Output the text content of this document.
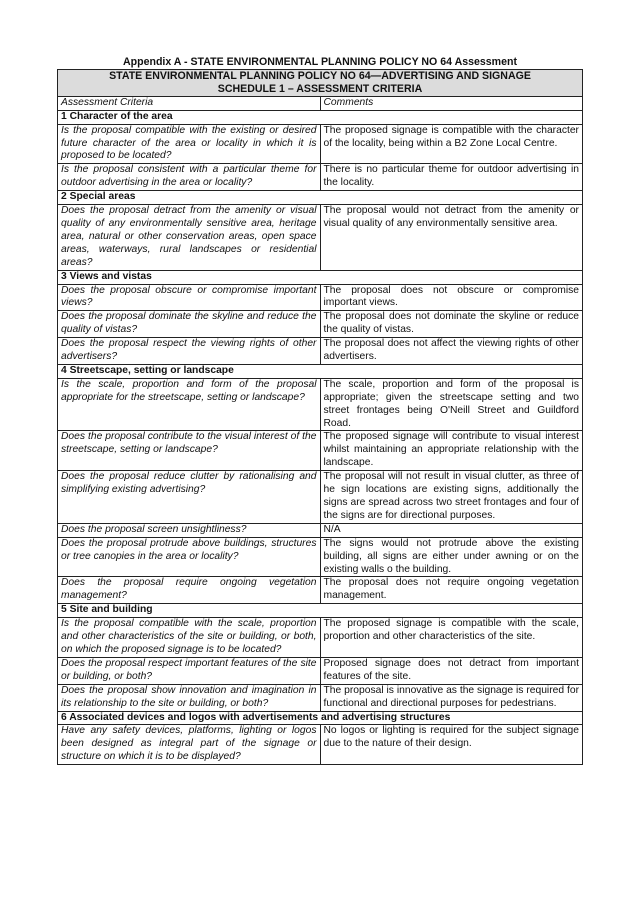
Appendix A - STATE ENVIRONMENTAL PLANNING POLICY NO 64 Assessment
STATE ENVIRONMENTAL PLANNING POLICY NO 64—ADVERTISING AND SIGNAGE
SCHEDULE 1 – ASSESSMENT CRITERIA	

Assessment Criteria	Comments
1 Character of the area	
Is the proposal compatible with the existing or desired future character of the area or locality in which it is proposed to be located?	The proposed signage is compatible with the character of the locality, being within a B2 Zone Local Centre.
Is the proposal consistent with a particular theme for outdoor advertising in the area or locality?	There is no particular theme for outdoor advertising in the locality.
2 Special areas	
Does the proposal detract from the amenity or visual quality of any environmentally sensitive area, heritage area, natural or other conservation areas, open space areas, waterways, rural landscapes or residential areas?	The proposal would not detract from the amenity or visual quality of any environmentally sensitive area.
3 Views and vistas	
Does the proposal obscure or compromise important views?	The proposal does not obscure or compromise important views.
Does the proposal dominate the skyline and reduce the quality of vistas?	The proposal does not dominate the skyline or reduce the quality of vistas.
Does the proposal respect the viewing rights of other advertisers?	The proposal does not affect the viewing rights of other advertisers.
4 Streetscape, setting or landscape	
Is the scale, proportion and form of the proposal appropriate for the streetscape, setting or landscape?	The scale, proportion and form of the proposal is appropriate; given the streetscape setting and two street frontages being O'Neill Street and Guildford Road.
Does the proposal contribute to the visual interest of the streetscape, setting or landscape?	The proposed signage will contribute to visual interest whilst maintaining an appropriate relationship with the landscape.
Does the proposal reduce clutter by rationalising and simplifying existing advertising?	The proposal will not result in visual clutter, as three of he sign locations are existing signs, additionally the signs are spread across two street frontages and four of the signs are for directional purposes.
Does the proposal screen unsightliness?	N/A
Does the proposal protrude above buildings, structures or tree canopies in the area or locality?	The signs would not protrude above the existing building, all signs are either under awning or on the existing walls o the building.
Does the proposal require ongoing vegetation management?	The proposal does not require ongoing vegetation management.
5 Site and building	
Is the proposal compatible with the scale, proportion and other characteristics of the site or building, or both, on which the proposed signage is to be located?	The proposed signage is compatible with the scale, proportion and other characteristics of the site.
Does the proposal respect important features of the site or building, or both?	Proposed signage does not detract from important features of the site.
Does the proposal show innovation and imagination in its relationship to the site or building, or both?	The proposal is innovative as the signage is required for functional and directional purposes for pedestrians.
6 Associated devices and logos with advertisements and advertising structures	
Have any safety devices, platforms, lighting or logos been designed as integral part of the signage or structure on which it is to be displayed?	No logos or lighting is required for the subject signage due to the nature of their design.
